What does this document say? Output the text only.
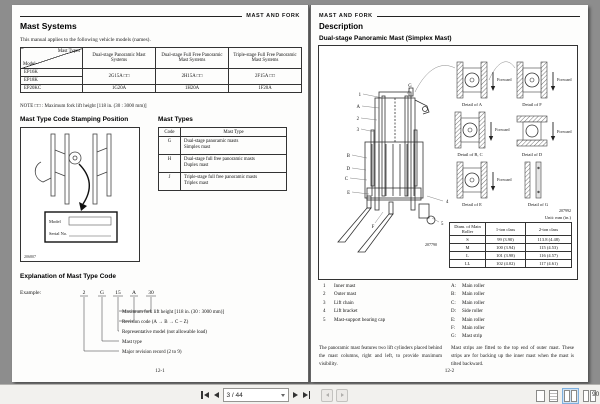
MAST AND FORK
Mast Systems
This manual applies to the following vehicle models (names).
Mast Types
Model	Dual-stage Panoramic Mast Systems	Dual-stage Full Free Panoramic Mast Systems	Triple-stage Full Free Panoramic Mast Systems
EP16K	2G15A □□	2H15A □□	2F15A □□
EP18K			
EP20KC	1G20A	1H20A	1F20A
NOTE □□ : Maximum fork lift height [118 in. (30 : 3000 mm)]
Mast Type Code Stamping Position	Mast Types
Model
Serial No.
206807
Code	Mast Type
G	Dual-stage panoramic masts
Simplex mast

H	Dual-stage full free panoramic masts
Duplex mast

J	Triple-stage full free panoramic masts
Triplex mast
Explanation of Mast Type Code
Example:	2	G 15 A 30
Maximum fork lift height [118 in. (30 : 3000 mm)]
Revision code (A → B → C ~ Z)
Representative model (not allowable load)
Mast type
Major revision record (2 to 9)
12-1
MAST AND FORK
Description
Dual-stage Panoramic Mast (Simplex Mast)
G
1
A
2
3
B
D
C
E
F
4
5
Forward	Forward
Forward	Forward
Forward
Detail of A	Detail of F
Detail of B, C	Detail of D
Detail of E	Detail of G
207790
207992
Unit: mm (in.)
Diam. of Main Roller	1-ton class	2-ton class
S	99 (3.90)	113.8 (4.48)
M	100 (3.94)	115 (4.53)
L	101 (3.98)	116 (4.57)
LL	102 (4.02)	117 (4.61)
1	Inner mast
2	Outer mast
3	Lift chain
4	Lift bracket
5	Mast-support bearing cap
A:	Main roller
B:	Main roller
C:	Main roller
D:	Side roller
E:	Main roller
F:	Main roller
G:	Mast strip
The panoramic mast features two lift cylinders placed behind the mast columns, right and left, to provide maximum visibility.
Mast strips are fitted to the top end of outer mast. These strips are for backing up the inner mast when the mast is tilted backward.
12-2
3 / 44	90
